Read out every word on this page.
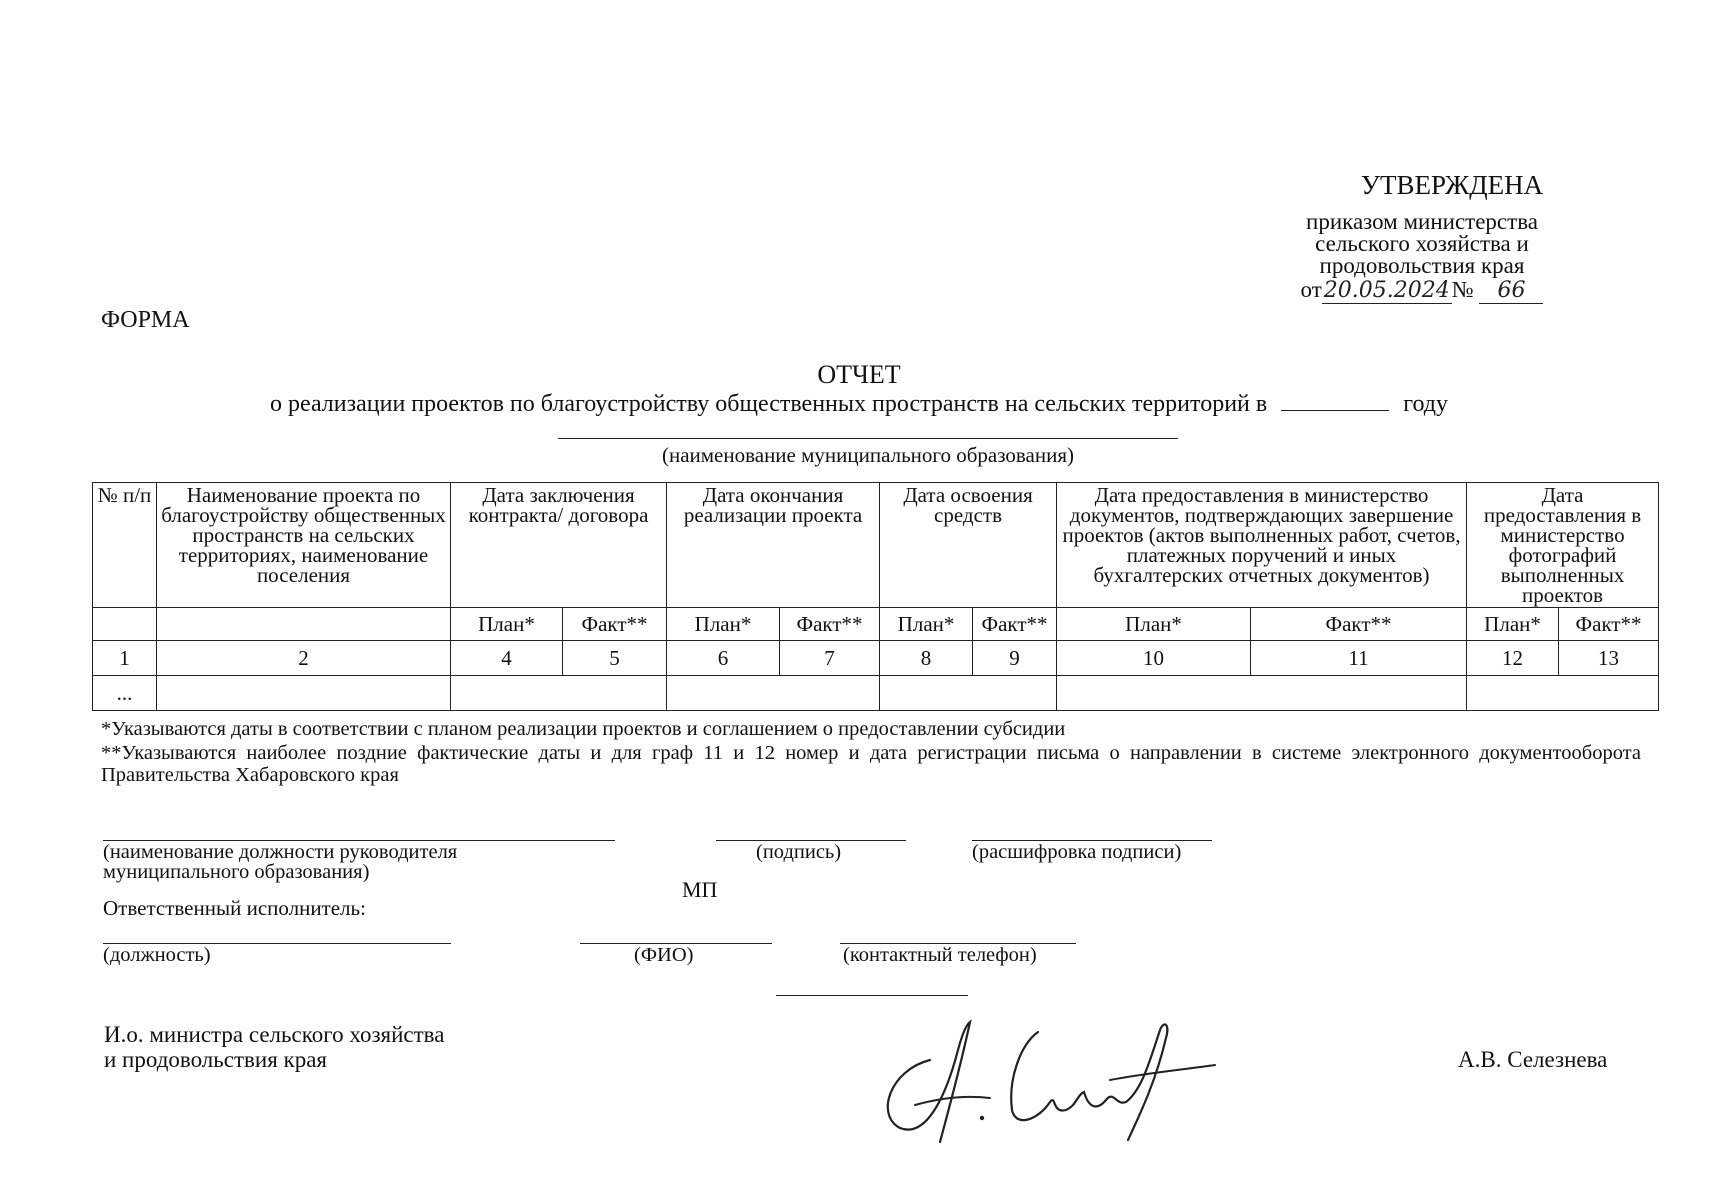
УТВЕРЖДЕНА
приказом министерства
сельского хозяйства и
продовольствия края
от20.05.2024№ 66
ФОРМА
ОТЧЕТ
о реализации проектов по благоустройству общественных пространств на сельских территорий в	году
(наименование муниципального образования)
№ п/п	Наименование проекта по благоустройству общественных пространств на сельских территориях, наименование поселения	Дата заключения контракта/ договора		Дата окончания реализации проекта		Дата освоения средств		Дата предоставления в министерство документов, подтверждающих завершение проектов (актов выполненных работ, счетов, платежных поручений и иных бухгалтерских отчетных документов)		Дата предоставления в министерство фотографий выполненных проектов	
		План*	Факт**	План*	Факт**	План*	Факт**	План*	Факт**	План*	Факт**
1	2	4	5	6	7	8	9	10	11	12	13
...											
*Указываются даты в соответствии с планом реализации проектов и соглашением о предоставлении субсидии
**Указываются наиболее поздние фактические даты и для граф 11 и 12 номер и дата регистрации письма о направлении в системе электронного документооборота Правительства Хабаровского края
(наименование должности руководителя муниципального образования)
(подпись)	(расшифровка подписи)
МП
Ответственный исполнитель:
(должность)	(ФИО)	(контактный телефон)
И.о. министра сельского хозяйства
и продовольствия края	А.В. Селезнева
